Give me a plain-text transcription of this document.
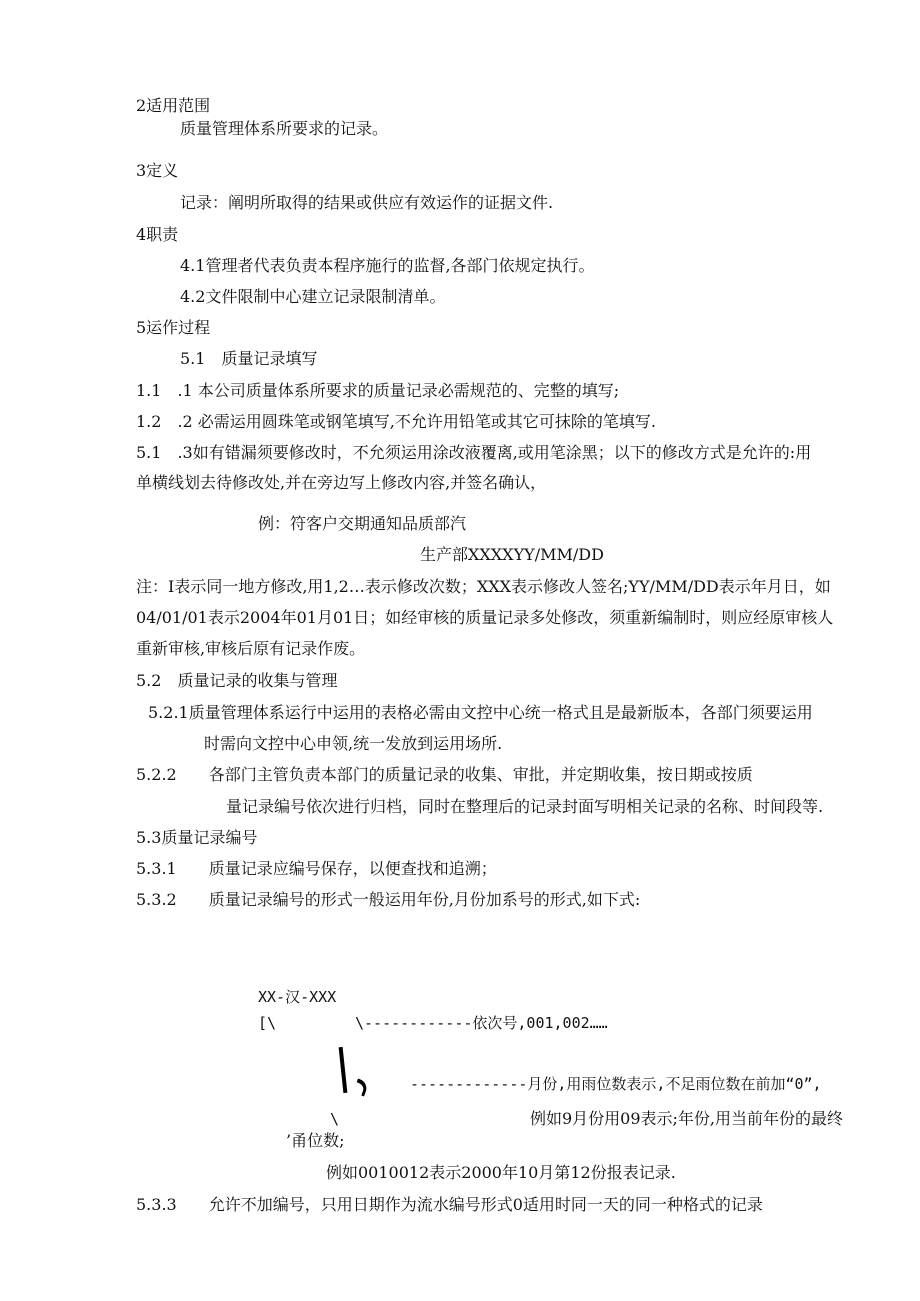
2适用范围
质量管理体系所要求的记录。
3定义
记录：阐明所取得的结果或供应有效运作的证据文件.
4职责
4.1管理者代表负责本程序施行的监督,各部门依规定执行。
4.2文件限制中心建立记录限制清单。
5运作过程
5.1　质量记录填写
1.1　.1 本公司质量体系所要求的质量记录必需规范的、完整的填写;
1.2　.2 必需运用圆珠笔或钢笔填写,不允许用铅笔或其它可抹除的笔填写.
5.1　.3如有错漏须要修改时，不允须运用涂改液覆离,或用笔涂黑；以下的修改方式是允许的:用
单横线划去待修改处,并在旁边写上修改内容,并签名确认，
例：符客户交期通知品质部汽
生产部XXXXYY/MM/DD
注：I表示同一地方修改,用1,2…表示修改次数；XXX表示修改人签名;YY/MM/DD表示年月日，如
04/01/01表示2004年01月01日；如经审核的质量记录多处修改，须重新编制时，则应经原审核人
重新审核,审核后原有记录作废。
5.2　质量记录的收集与管理
5.2.1质量管理体系运行中运用的表格必需由文控中心统一格式且是最新版本，各部门须要运用
时需向文控中心申领,统一发放到运用场所.
5.2.2　　各部门主管负责本部门的质量记录的收集、审批，并定期收集，按日期或按质
量记录编号依次进行归档，同时在整理后的记录封面写明相关记录的名称、时间段等.
5.3质量记录编号
5.3.1　　质量记录应编号保存，以便查找和追溯；
5.3.2　　质量记录编号的形式一般运用年份,月份加系号的形式,如下式:
XX-汉-XXX
[\	\------------依次号,001,002……
-------------月份,用雨位数表示,不足雨位数在前加“0”,
\	例如9月份用09表示;年份,用当前年份的最终
’甬位数;
例如0010012表示2000年10月第12份报表记录.
5.3.3　　允许不加编号，只用日期作为流水编号形式0适用时同一天的同一种格式的记录
